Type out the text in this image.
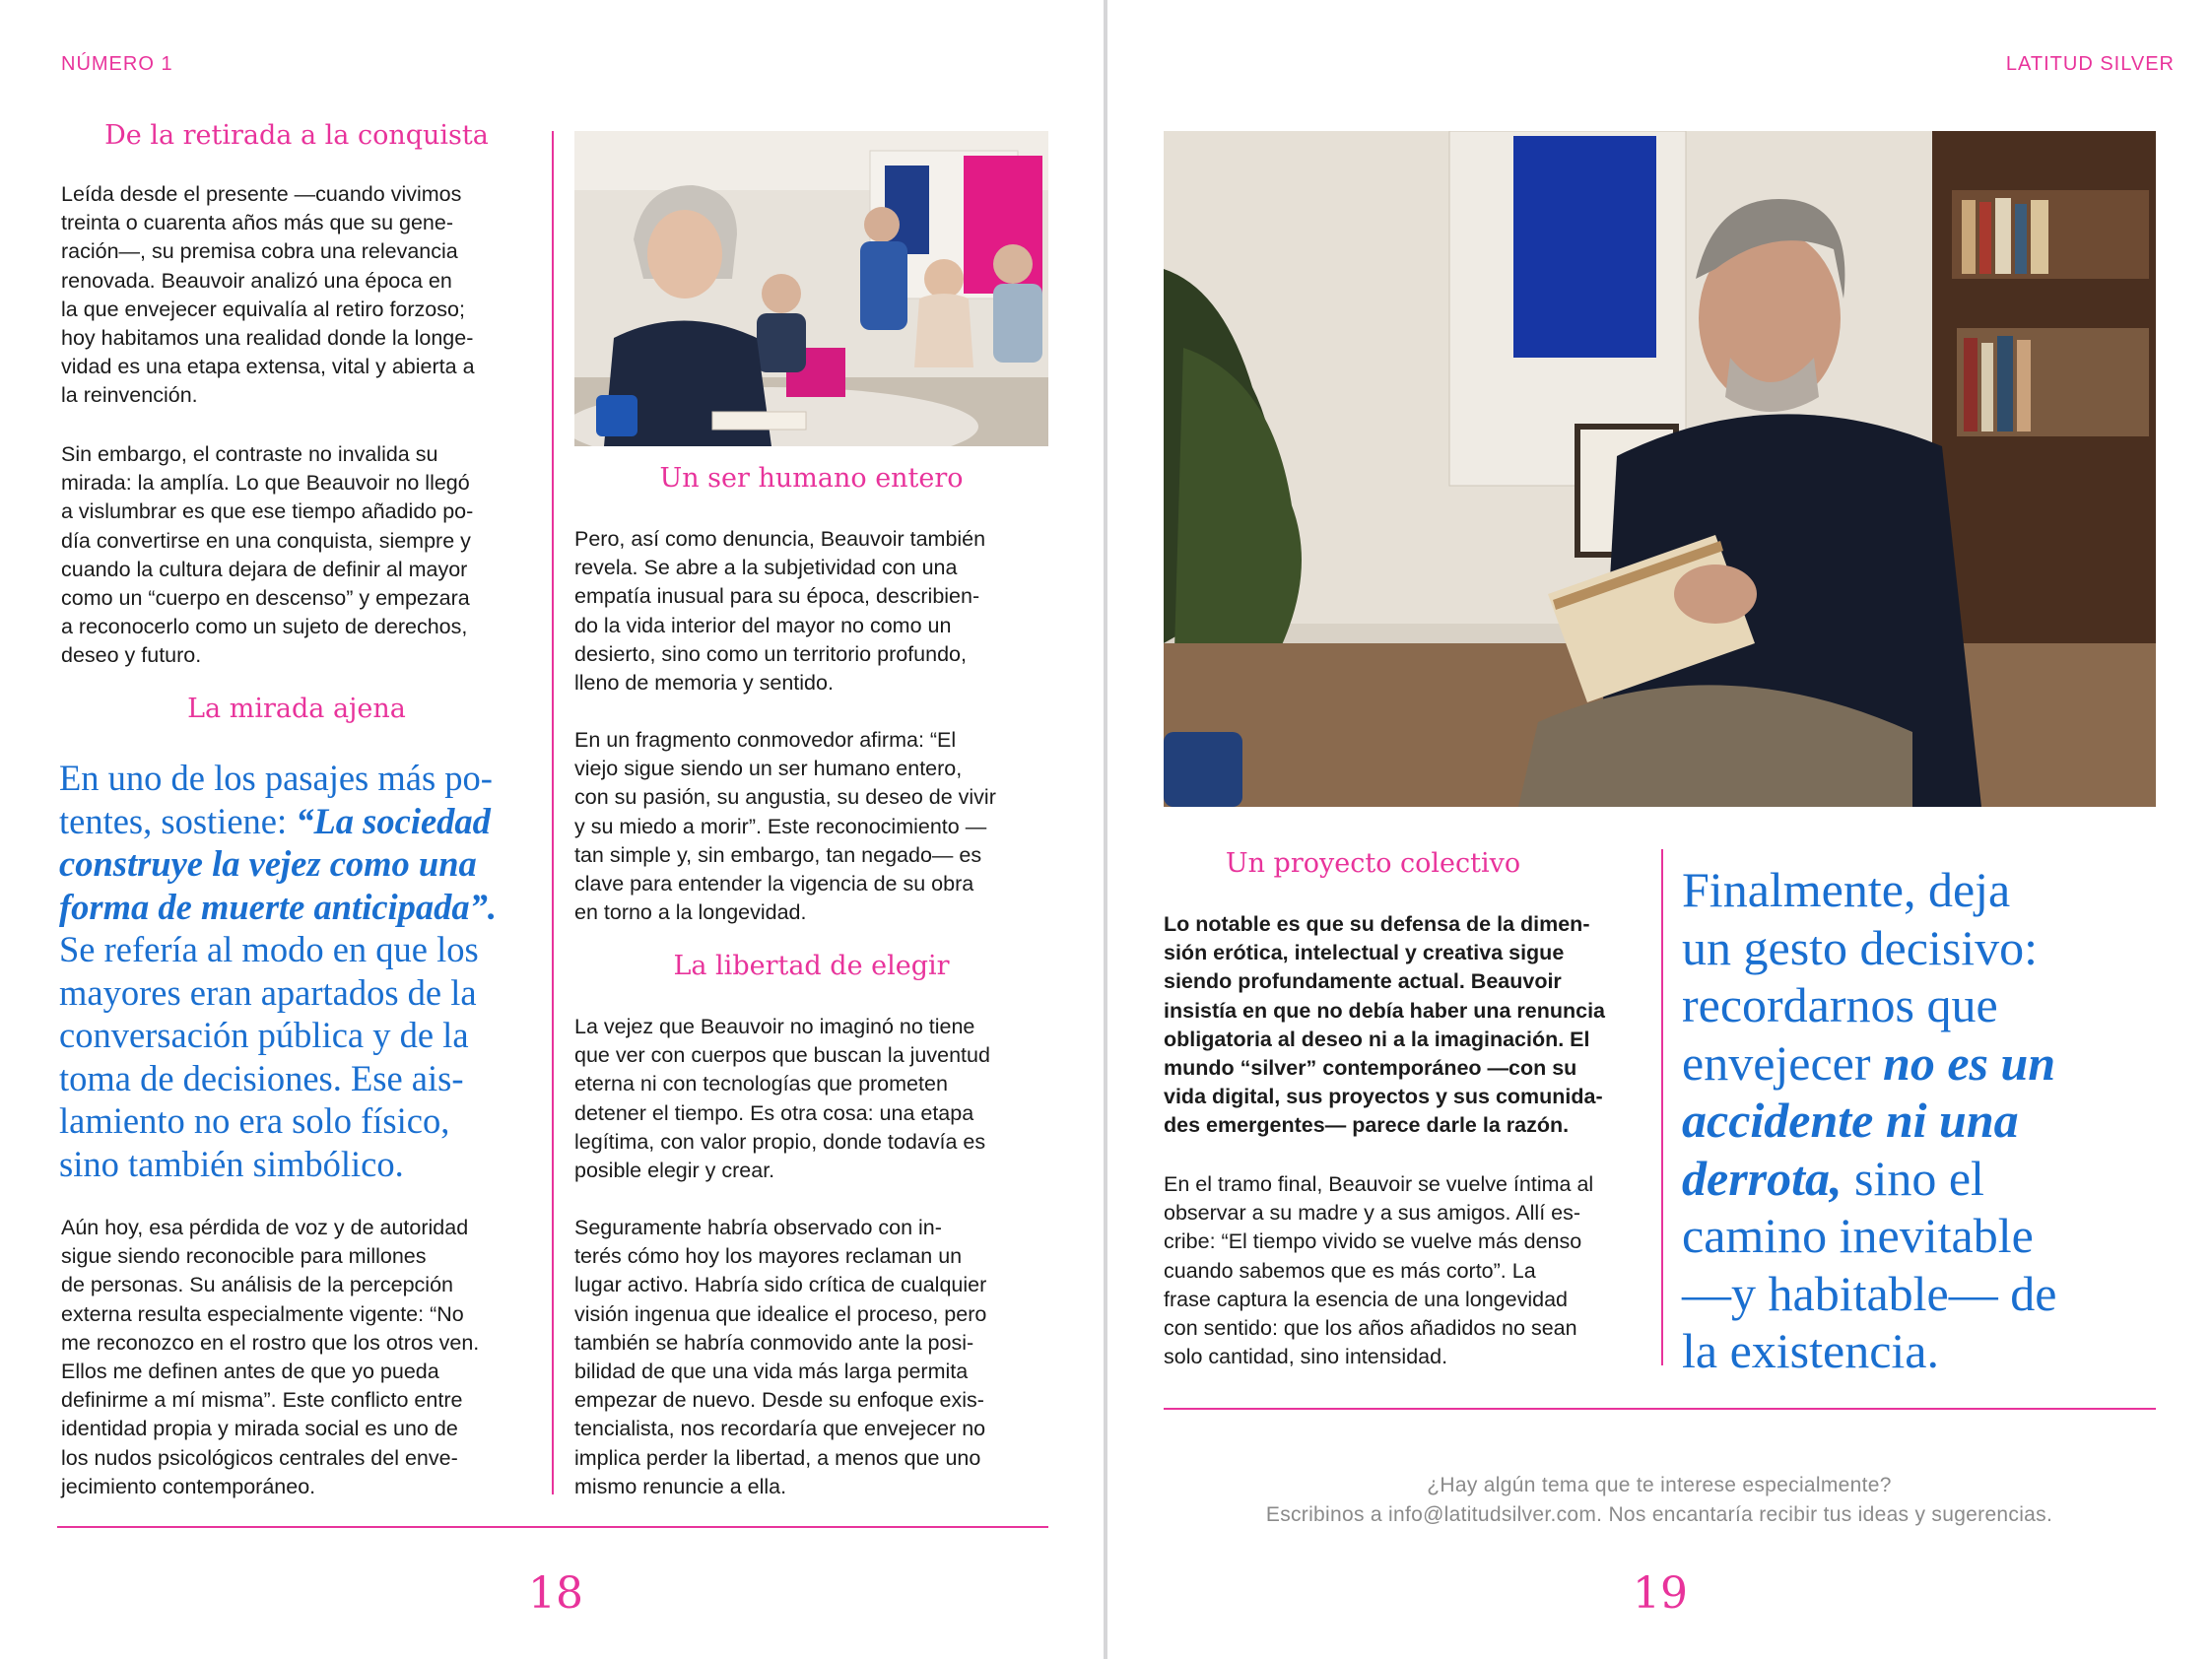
NÚMERO 1
De la retirada a la conquista
Leída desde el presente —cuando vivimos
treinta o cuarenta años más que su gene-
ración—, su premisa cobra una relevancia
renovada. Beauvoir analizó una época en
la que envejecer equivalía al retiro forzoso;
hoy habitamos una realidad donde la longe-
vidad es una etapa extensa, vital y abierta a
la reinvención.
Sin embargo, el contraste no invalida su
mirada: la amplía. Lo que Beauvoir no llegó
a vislumbrar es que ese tiempo añadido po-
día convertirse en una conquista, siempre y
cuando la cultura dejara de definir al mayor
como un “cuerpo en descenso” y empezara
a reconocerlo como un sujeto de derechos,
deseo y futuro.
La mirada ajena
En uno de los pasajes más po-
tentes, sostiene: “La sociedad
construye la vejez como una
forma de muerte anticipada”.
Se refería al modo en que los
mayores eran apartados de la
conversación pública y de la
toma de decisiones. Ese ais-
lamiento no era solo físico,
sino también simbólico.
Aún hoy, esa pérdida de voz y de autoridad
sigue siendo reconocible para millones
de personas. Su análisis de la percepción
externa resulta especialmente vigente: “No
me reconozco en el rostro que los otros ven.
Ellos me definen antes de que yo pueda
definirme a mí misma”. Este conflicto entre
identidad propia y mirada social es uno de
los nudos psicológicos centrales del enve-
jecimiento contemporáneo.
Un ser humano entero
Pero, así como denuncia, Beauvoir también
revela. Se abre a la subjetividad con una
empatía inusual para su época, describien-
do la vida interior del mayor no como un
desierto, sino como un territorio profundo,
lleno de memoria y sentido.
En un fragmento conmovedor afirma: “El
viejo sigue siendo un ser humano entero,
con su pasión, su angustia, su deseo de vivir
y su miedo a morir”. Este reconocimiento —
tan simple y, sin embargo, tan negado— es
clave para entender la vigencia de su obra
en torno a la longevidad.
La libertad de elegir
La vejez que Beauvoir no imaginó no tiene
que ver con cuerpos que buscan la juventud
eterna ni con tecnologías que prometen
detener el tiempo. Es otra cosa: una etapa
legítima, con valor propio, donde todavía es
posible elegir y crear.
Seguramente habría observado con in-
terés cómo hoy los mayores reclaman un
lugar activo. Habría sido crítica de cualquier
visión ingenua que idealice el proceso, pero
también se habría conmovido ante la posi-
bilidad de que una vida más larga permita
empezar de nuevo. Desde su enfoque exis-
tencialista, nos recordaría que envejecer no
implica perder la libertad, a menos que uno
mismo renuncie a ella.
18
LATITUD SILVER
Un proyecto colectivo
Lo notable es que su defensa de la dimen-
sión erótica, intelectual y creativa sigue
siendo profundamente actual. Beauvoir
insistía en que no debía haber una renuncia
obligatoria al deseo ni a la imaginación. El
mundo “silver” contemporáneo —con su
vida digital, sus proyectos y sus comunida-
des emergentes— parece darle la razón.
En el tramo final, Beauvoir se vuelve íntima al
observar a su madre y a sus amigos. Allí es-
cribe: “El tiempo vivido se vuelve más denso
cuando sabemos que es más corto”. La
frase captura la esencia de una longevidad
con sentido: que los años añadidos no sean
solo cantidad, sino intensidad.
Finalmente, deja
un gesto decisivo:
recordarnos que
envejecer no es un
accidente ni una
derrota, sino el
camino inevitable
—y habitable— de
la existencia.
¿Hay algún tema que te interese especialmente?
Escribinos a info@latitudsilver.com. Nos encantaría recibir tus ideas y sugerencias.
19
